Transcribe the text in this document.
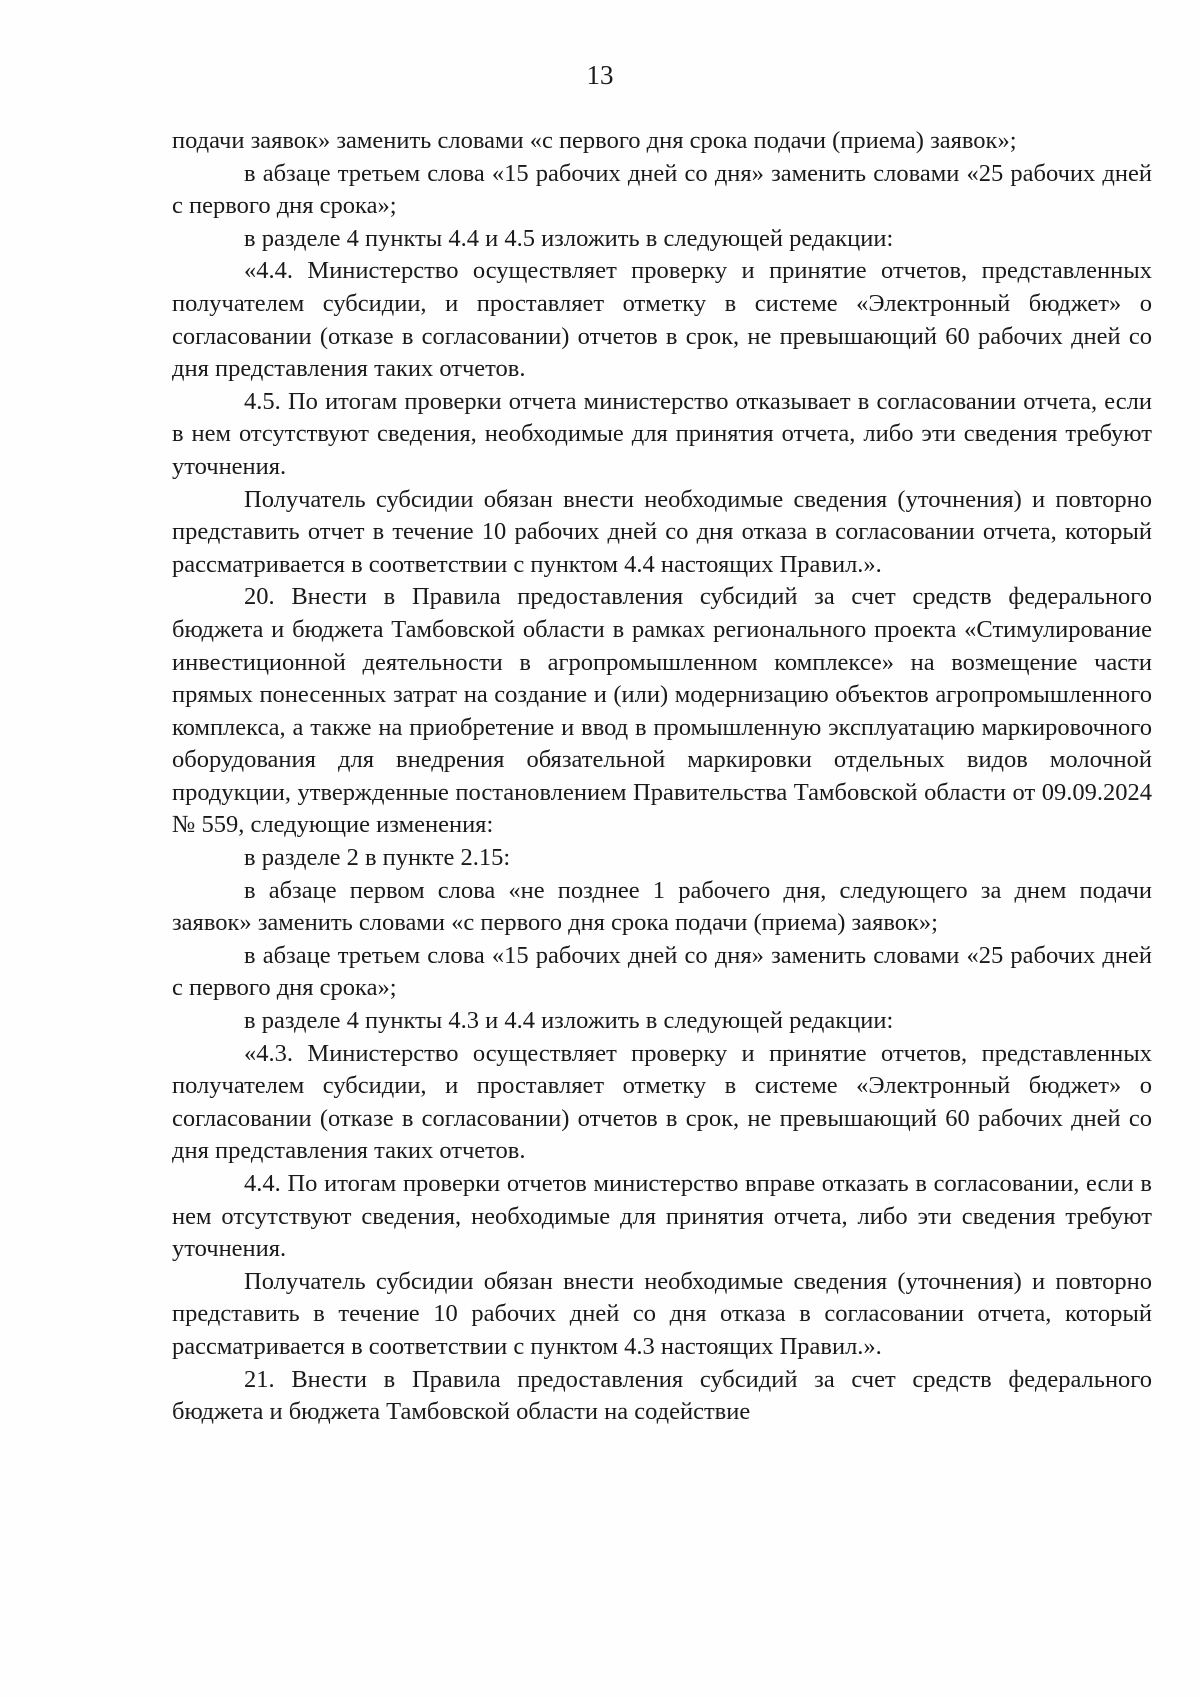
13

подачи заявок» заменить словами «с первого дня срока подачи (приема) заявок»;

в абзаце третьем слова «15 рабочих дней со дня» заменить словами «25 рабочих дней с первого дня срока»;

в разделе 4 пункты 4.4 и 4.5 изложить в следующей редакции:

«4.4. Министерство осуществляет проверку и принятие отчетов, представленных получателем субсидии, и проставляет отметку в системе «Электронный бюджет» о согласовании (отказе в согласовании) отчетов в срок, не превышающий 60 рабочих дней со дня представления таких отчетов.

4.5. По итогам проверки отчета министерство отказывает в согласовании отчета, если в нем отсутствуют сведения, необходимые для принятия отчета, либо эти сведения требуют уточнения.

Получатель субсидии обязан внести необходимые сведения (уточнения) и повторно представить отчет в течение 10 рабочих дней со дня отказа в согласовании отчета, который рассматривается в соответствии с пунктом 4.4 настоящих Правил.».

20. Внести в Правила предоставления субсидий за счет средств федерального бюджета и бюджета Тамбовской области в рамках регионального проекта «Стимулирование инвестиционной деятельности в агропромышленном комплексе» на возмещение части прямых понесенных затрат на создание и (или) модернизацию объектов агропромышленного комплекса, а также на приобретение и ввод в промышленную эксплуатацию маркировочного оборудования для внедрения обязательной маркировки отдельных видов молочной продукции, утвержденные постановлением Правительства Тамбовской области от 09.09.2024 № 559, следующие изменения:

в разделе 2 в пункте 2.15:

в абзаце первом слова «не позднее 1 рабочего дня, следующего за днем подачи заявок» заменить словами «с первого дня срока подачи (приема) заявок»;

в абзаце третьем слова «15 рабочих дней со дня» заменить словами «25 рабочих дней с первого дня срока»;

в разделе 4 пункты 4.3 и 4.4 изложить в следующей редакции:

«4.3. Министерство осуществляет проверку и принятие отчетов, представленных получателем субсидии, и проставляет отметку в системе «Электронный бюджет» о согласовании (отказе в согласовании) отчетов в срок, не превышающий 60 рабочих дней со дня представления таких отчетов.

4.4. По итогам проверки отчетов министерство вправе отказать в согласовании, если в нем отсутствуют сведения, необходимые для принятия отчета, либо эти сведения требуют уточнения.

Получатель субсидии обязан внести необходимые сведения (уточнения) и повторно представить в течение 10 рабочих дней со дня отказа в согласовании отчета, который рассматривается в соответствии с пунктом 4.3 настоящих Правил.».

21. Внести в Правила предоставления субсидий за счет средств федерального бюджета и бюджета Тамбовской области на содействие
